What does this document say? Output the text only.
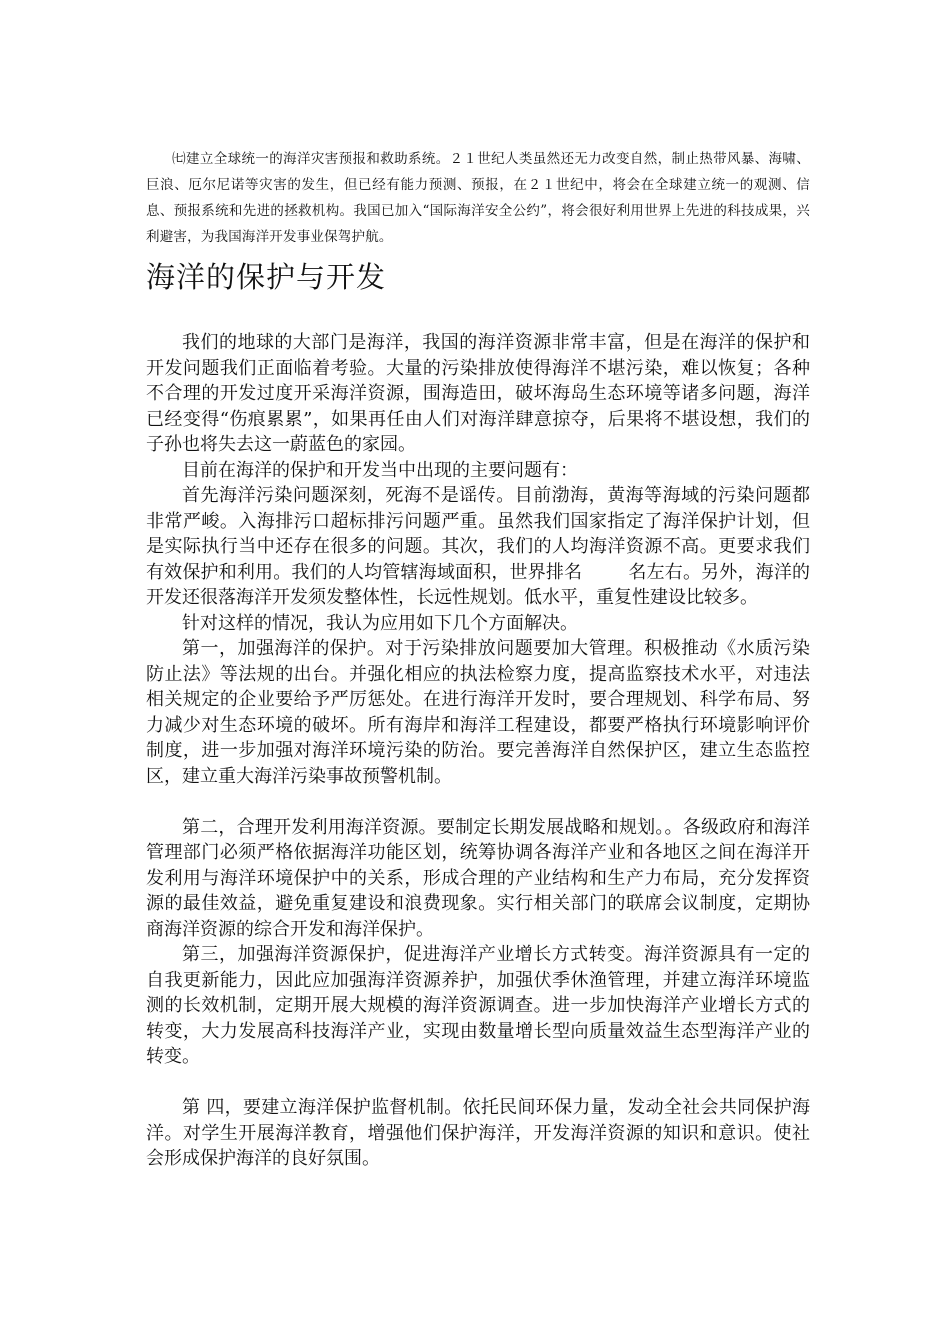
㈦建立全球统一的海洋灾害预报和救助系统。２１世纪人类虽然还无力改变自然，制止热带风暴、海啸、巨浪、厄尔尼诺等灾害的发生，但已经有能力预测、预报，在２１世纪中，将会在全球建立统一的观测、信息、预报系统和先进的拯救机构。我国已加入“国际海洋安全公约”，将会很好利用世界上先进的科技成果，兴利避害，为我国海洋开发事业保驾护航。

海洋的保护与开发

我们的地球的大部门是海洋，我国的海洋资源非常丰富，但是在海洋的保护和开发问题我们正面临着考验。大量的污染排放使得海洋不堪污染，难以恢复；各种不合理的开发过度开采海洋资源，围海造田，破坏海岛生态环境等诸多问题，海洋已经变得“伤痕累累”，如果再任由人们对海洋肆意掠夺，后果将不堪设想，我们的子孙也将失去这一蔚蓝色的家园。

目前在海洋的保护和开发当中出现的主要问题有：

首先海洋污染问题深刻，死海不是谣传。目前渤海，黄海等海域的污染问题都非常严峻。入海排污口超标排污问题严重。虽然我们国家指定了海洋保护计划，但是实际执行当中还存在很多的问题。其次，我们的人均海洋资源不高。更要求我们有效保护和利用。我们的人均管辖海域面积，世界排名	名左右。另外，海洋的开发还很落海洋开发须发整体性，长远性规划。低水平，重复性建设比较多。

针对这样的情况，我认为应用如下几个方面解决。

第一，加强海洋的保护。对于污染排放问题要加大管理。积极推动《水质污染防止法》等法规的出台。并强化相应的执法检察力度，提高监察技术水平，对违法相关规定的企业要给予严厉惩处。在进行海洋开发时，要合理规划、科学布局、努力减少对生态环境的破坏。所有海岸和海洋工程建设，都要严格执行环境影响评价制度，进一步加强对海洋环境污染的防治。要完善海洋自然保护区，建立生态监控区，建立重大海洋污染事故预警机制。

第二，合理开发利用海洋资源。要制定长期发展战略和规划。。各级政府和海洋管理部门必须严格依据海洋功能区划，统筹协调各海洋产业和各地区之间在海洋开发利用与海洋环境保护中的关系，形成合理的产业结构和生产力布局，充分发挥资源的最佳效益，避免重复建设和浪费现象。实行相关部门的联席会议制度，定期协商海洋资源的综合开发和海洋保护。

第三，加强海洋资源保护，促进海洋产业增长方式转变。海洋资源具有一定的自我更新能力，因此应加强海洋资源养护，加强伏季休渔管理，并建立海洋环境监测的长效机制，定期开展大规模的海洋资源调查。进一步加快海洋产业增长方式的转变，大力发展高科技海洋产业，实现由数量增长型向质量效益生态型海洋产业的转变。

第 四，要建立海洋保护监督机制。依托民间环保力量，发动全社会共同保护海洋。对学生开展海洋教育，增强他们保护海洋，开发海洋资源的知识和意识。使社会形成保护海洋的良好氛围。
